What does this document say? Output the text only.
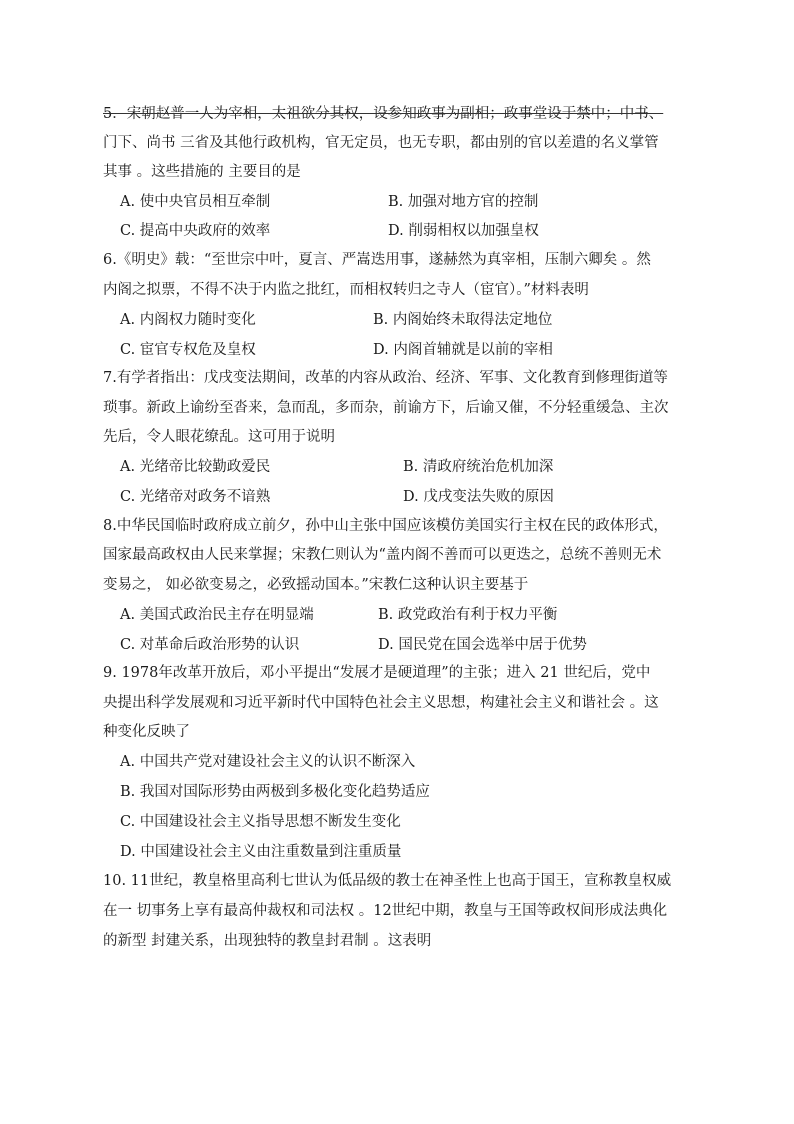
5．宋朝赵普一人为宰相，太祖欲分其权，设参知政事为副相；政事堂设于禁中；中书、
门下、尚书 三省及其他行政机构，官无定员，也无专职，都由别的官以差遣的名义掌管
其事 。这些措施的 主要目的是
A. 使中央官员相互牵制	B. 加强对地方官的控制
C. 提高中央政府的效率	D. 削弱相权以加强皇权
6.《明史》载：“至世宗中叶，夏言、严嵩迭用事，遂赫然为真宰相，压制六卿矣 。然
内阁之拟票，不得不决于内监之批红，而相权转归之寺人（宦官）。”材料表明
A. 内阁权力随时变化	B. 内阁始终未取得法定地位
C. 宦官专权危及皇权	D. 内阁首辅就是以前的宰相
7.有学者指出：戊戌变法期间，改革的内容从政治、经济、军事、文化教育到修理街道等
琐事。新政上谕纷至沓来，急而乱，多而杂，前谕方下，后谕又催，不分轻重缓急、主次
先后，令人眼花缭乱。这可用于说明
A. 光绪帝比较勤政爱民	B. 清政府统治危机加深
C. 光绪帝对政务不谙熟	D. 戊戌变法失败的原因
8.中华民国临时政府成立前夕，孙中山主张中国应该模仿美国实行主权在民的政体形式，
国家最高政权由人民来掌握；宋教仁则认为“盖内阁不善而可以更迭之，总统不善则无术
变易之， 如必欲变易之，必致摇动国本。”宋教仁这种认识主要基于
A. 美国式政治民主存在明显端	B. 政党政治有利于权力平衡
C. 对革命后政治形势的认识	D. 国民党在国会选举中居于优势
9. 1978年改革开放后，邓小平提出“发展才是硬道理”的主张；进入 21 世纪后，党中
央提出科学发展观和习近平新时代中国特色社会主义思想，构建社会主义和谐社会 。这
种变化反映了
A. 中国共产党对建设社会主义的认识不断深入
B. 我国对国际形势由两极到多极化变化趋势适应
C. 中国建设社会主义指导思想不断发生变化
D. 中国建设社会主义由注重数量到注重质量
10. 11世纪，教皇格里高利七世认为低品级的教士在神圣性上也高于国王，宣称教皇权威
在一 切事务上享有最高仲裁权和司法权 。12世纪中期，教皇与王国等政权间形成法典化
的新型 封建关系，出现独特的教皇封君制 。这表明
